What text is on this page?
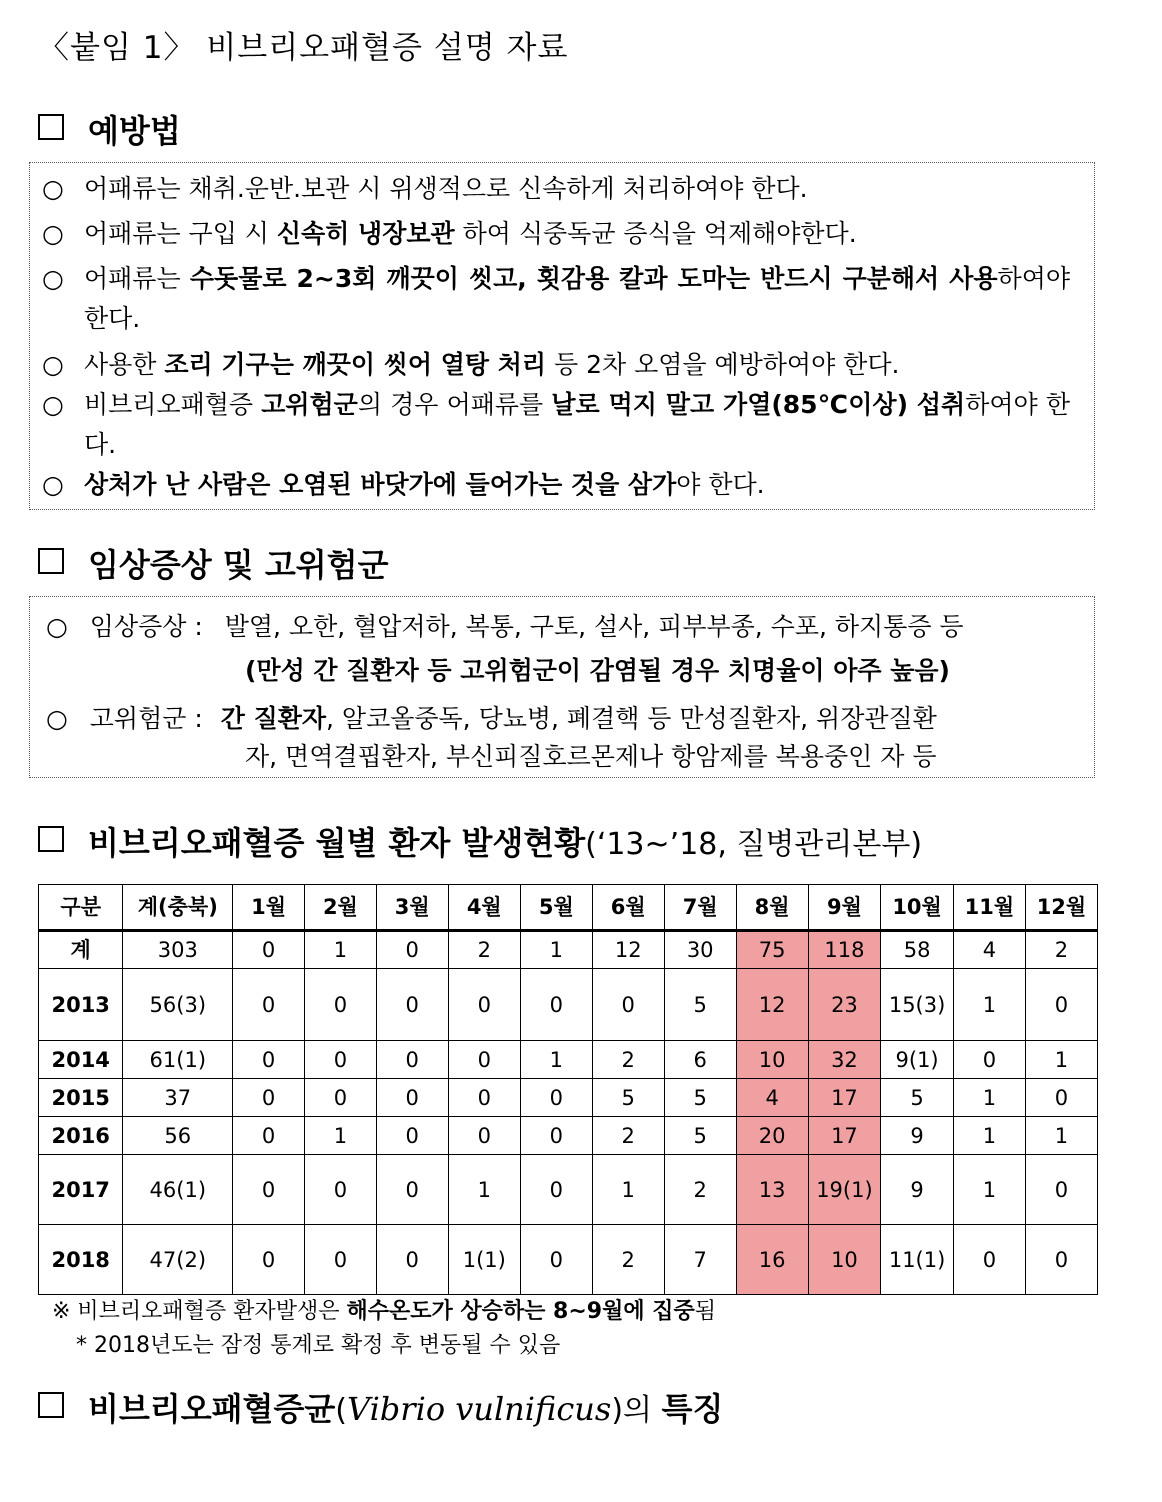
〈붙임 1〉 비브리오패혈증 설명 자료
예방법
○ 어패류는 채취.운반.보관 시 위생적으로 신속하게 처리하여야 한다.
○ 어패류는 구입 시 신속히 냉장보관 하여 식중독균 증식을 억제해야한다.
○ 어패류는 수돗물로 2~3회 깨끗이 씻고, 횟감용 칼과 도마는 반드시 구분해서 사용하여야 한다.
○ 사용한 조리 기구는 깨끗이 씻어 열탕 처리 등 2차 오염을 예방하여야 한다.
○ 비브리오패혈증 고위험군의 경우 어패류를 날로 먹지 말고 가열(85℃이상) 섭취하여야 한다.
○ 상처가 난 사람은 오염된 바닷가에 들어가는 것을 삼가야 한다.
임상증상 및 고위험군
○ 임상증상 : 발열, 오한, 혈압저하, 복통, 구토, 설사, 피부부종, 수포, 하지통증 등
(만성 간 질환자 등 고위험군이 감염될 경우 치명율이 아주 높음)
○ 고위험군 : 간 질환자, 알코올중독, 당뇨병, 폐결핵 등 만성질환자, 위장관질환
자, 면역결핍환자, 부신피질호르몬제나 항암제를 복용중인 자 등
비브리오패혈증 월별 환자 발생현황(‘13~’18, 질병관리본부)
구분	계(충북)	1월	2월	3월	4월	5월	6월	7월	8월	9월	10월	11월	12월
계	303	0	1	0	2	1	12	30	75	118	58	4	2
2013	56(3)	0	0	0	0	0	0	5	12	23	15(3)	1	0
2014	61(1)	0	0	0	0	1	2	6	10	32	9(1)	0	1
2015	37	0	0	0	0	0	5	5	4	17	5	1	0
2016	56	0	1	0	0	0	2	5	20	17	9	1	1
2017	46(1)	0	0	0	1	0	1	2	13	19(1)	9	1	0
2018	47(2)	0	0	0	1(1)	0	2	7	16	10	11(1)	0	0
※ 비브리오패혈증 환자발생은 해수온도가 상승하는 8~9월에 집중됨
* 2018년도는 잠정 통계로 확정 후 변동될 수 있음
비브리오패혈증균(Vibrio vulnificus)의 특징
